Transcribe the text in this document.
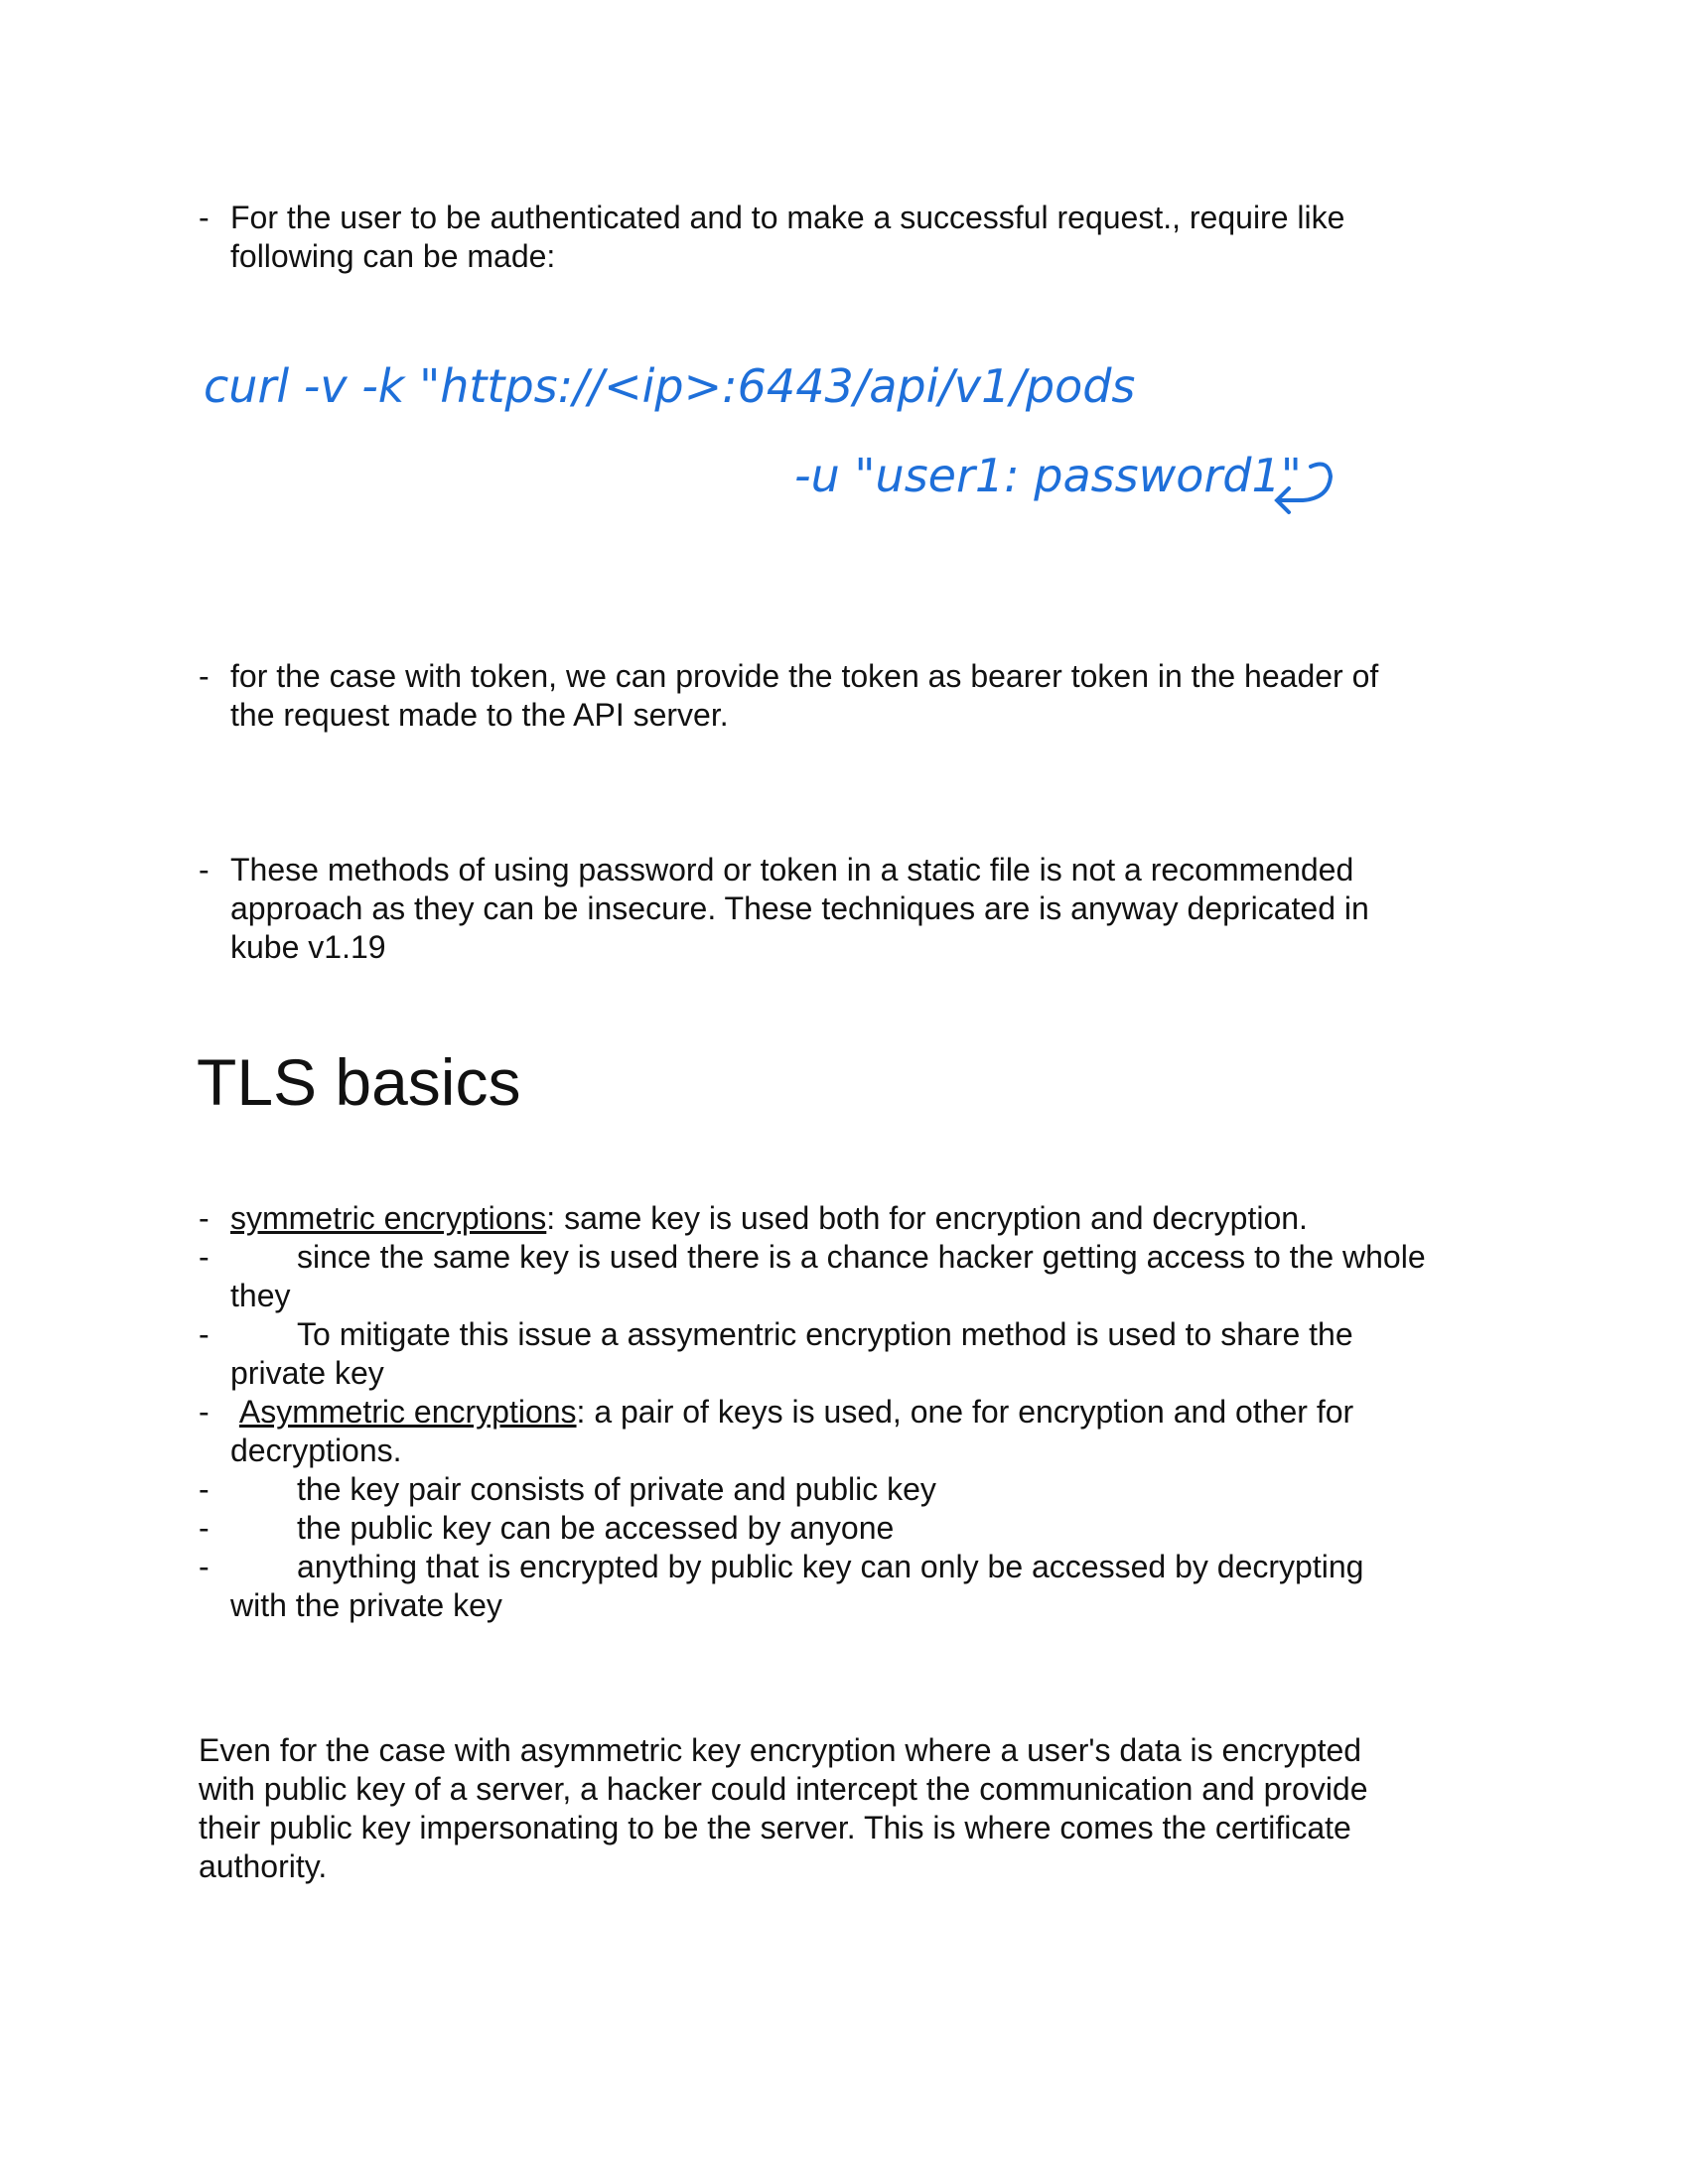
- For the user to be authenticated and to make a successful request., require like
following can be made:
curl -v -k "https://<ip>:6443/api/v1/pods
-u "user1: password1"
- for the case with token, we can provide the token as bearer token in the header of
the request made to the API server.
- These methods of using password or token in a static file is not a recommended
approach as they can be insecure. These techniques are is anyway depricated in
kube v1.19
TLS basics
- symmetric encryptions: same key is used both for encryption and decryption.
-	since the same key is used there is a chance hacker getting access to the whole
they
-	To mitigate this issue a assymentric encryption method is used to share the
private key
- Asymmetric encryptions: a pair of keys is used, one for encryption and other for
decryptions.
-	the key pair consists of private and public key
-	the public key can be accessed by anyone
-	anything that is encrypted by public key can only be accessed by decrypting
with the private key
Even for the case with asymmetric key encryption where a user's data is encrypted
with public key of a server, a hacker could intercept the communication and provide
their public key impersonating to be the server. This is where comes the certificate
authority.
